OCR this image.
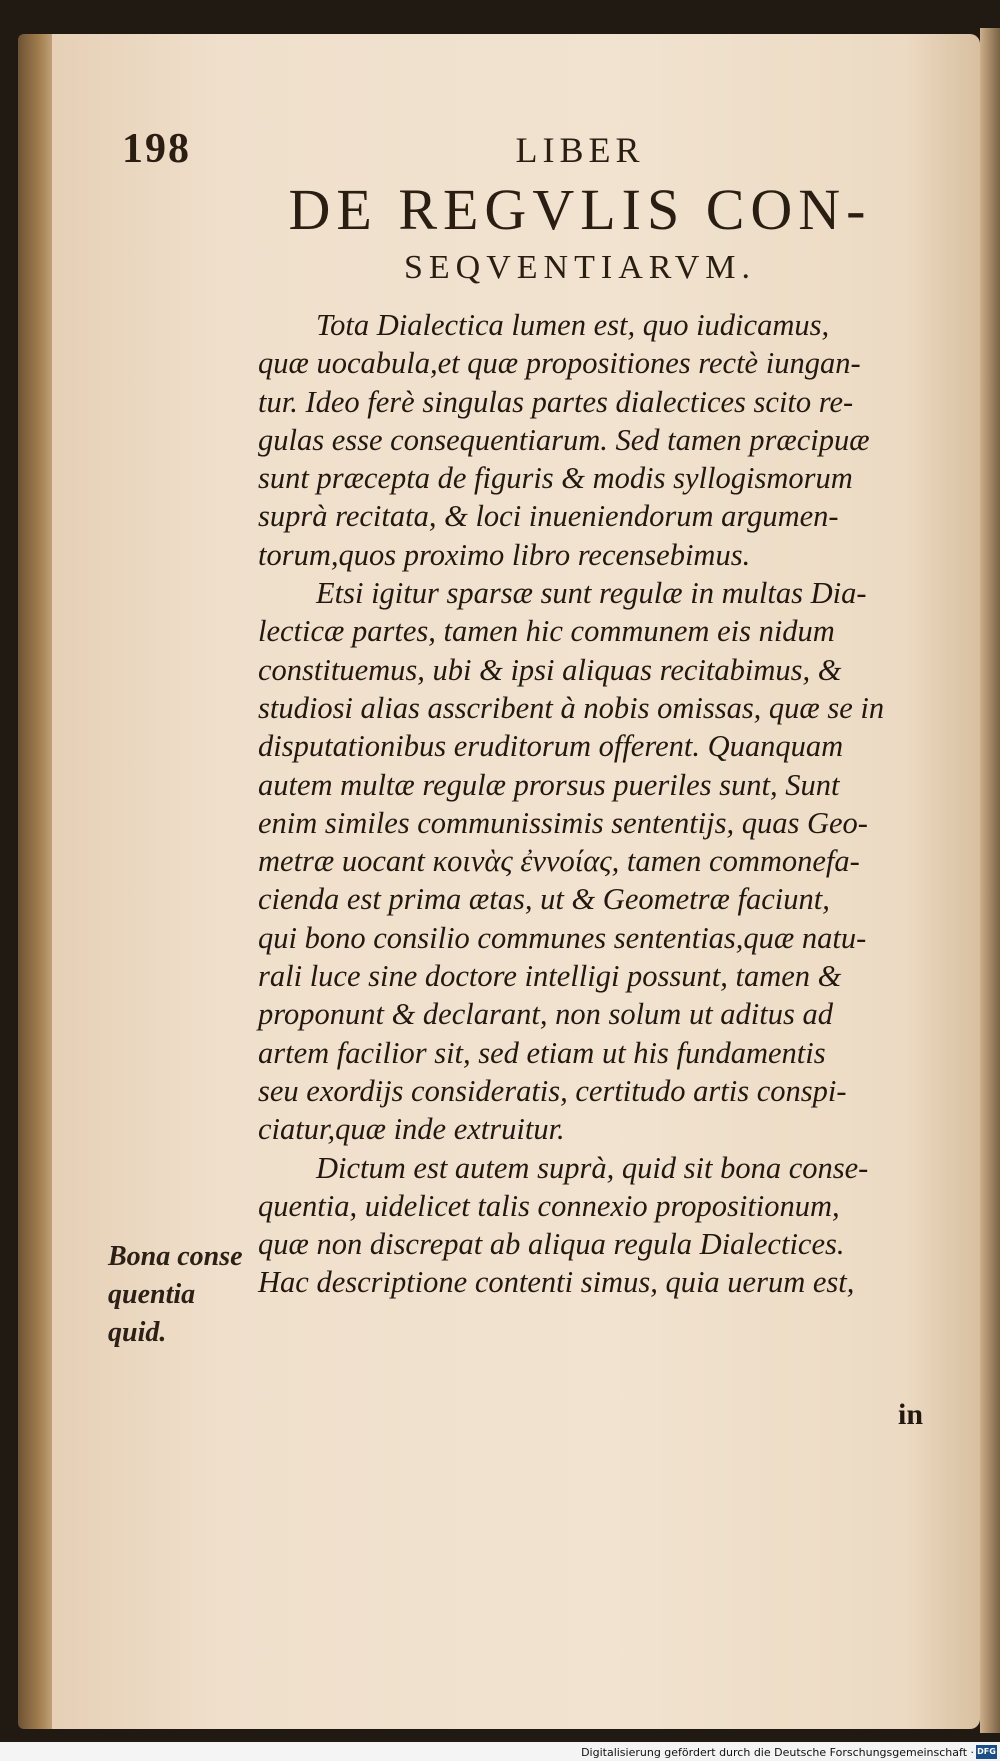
198	LIBER
DE REGVLIS CON-
SEQVENTIARVM.
Tota Dialectica lumen est, quo iudicamus,
quæ uocabula,et quæ propositiones rectè iungan-
tur. Ideo ferè singulas partes dialectices scito re-
gulas esse consequentiarum. Sed tamen præcipuæ
sunt præcepta de figuris & modis syllogismorum
suprà recitata, & loci inueniendorum argumen-
torum,quos proximo libro recensebimus.
Etsi igitur sparsæ sunt regulæ in multas Dia-
lecticæ partes, tamen hic communem eis nidum
constituemus, ubi & ipsi aliquas recitabimus, &
studiosi alias asscribent à nobis omissas, quæ se in
disputationibus eruditorum offerent. Quanquam
autem multæ regulæ prorsus pueriles sunt, Sunt
enim similes communissimis sententijs, quas Geo-
metræ uocant κοινὰς ἐννοίας, tamen commonefa-
cienda est prima ætas, ut & Geometræ faciunt,
qui bono consilio communes sententias,quæ natu-
rali luce sine doctore intelligi possunt, tamen &
proponunt & declarant, non solum ut aditus ad
artem facilior sit, sed etiam ut his fundamentis
seu exordijs consideratis, certitudo artis conspi-
ciatur,quæ inde extruitur.
Dictum est autem suprà, quid sit bona conse-
quentia, uidelicet talis connexio propositionum,
quæ non discrepat ab aliqua regula Dialectices.
Hac descriptione contenti simus, quia uerum est,
Bona conse
quentia
quid.
in
Digitalisierung gefördert durch die Deutsche Forschungsgemeinschaft · DFG
